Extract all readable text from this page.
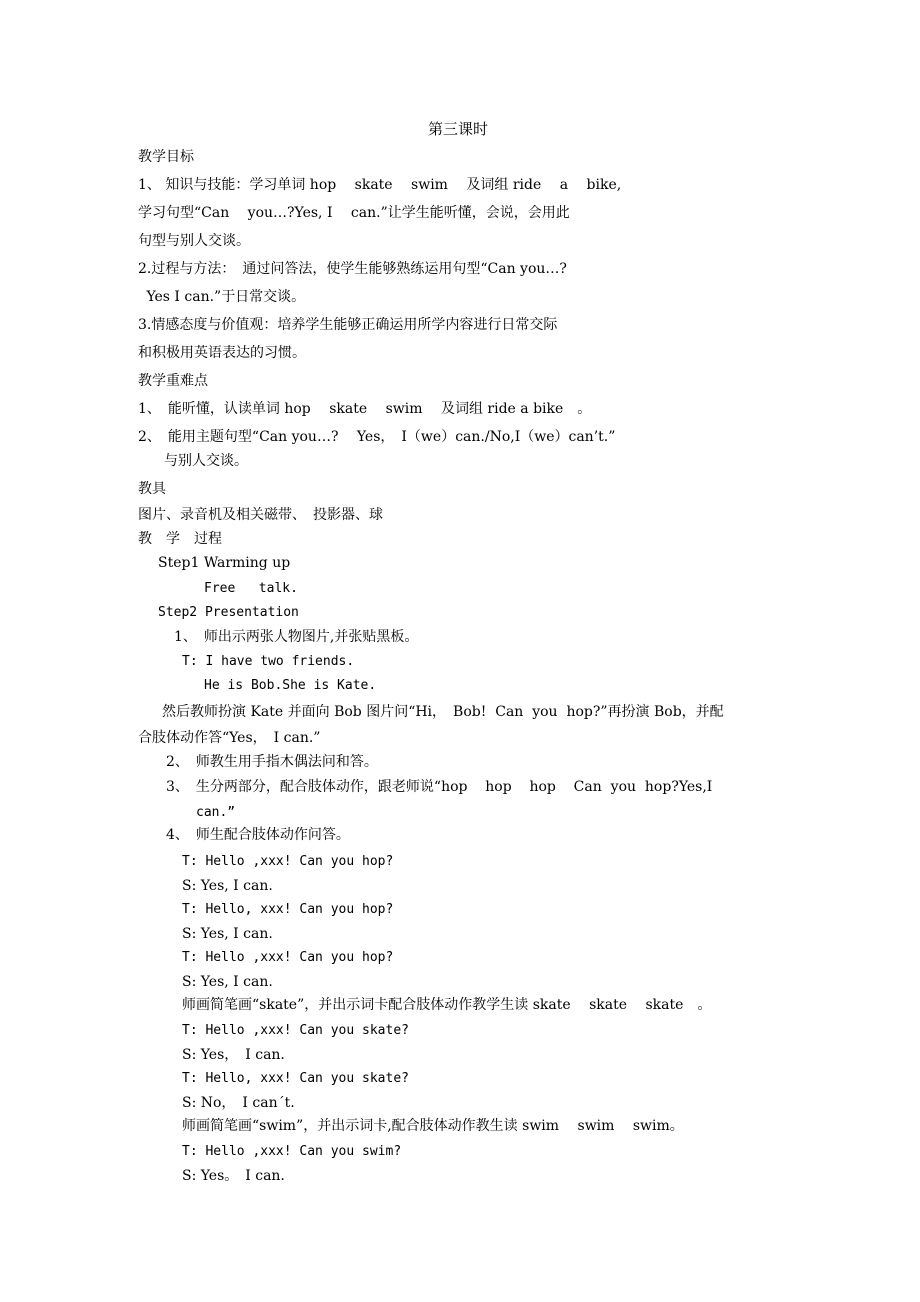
第三课时
教学目标
1、 知识与技能：学习单词 hop　 skate　 swim　 及词组 ride　 a　 bike,
学习句型“Can　 you…?Yes, I　 can.”让学生能听懂，会说，会用此
句型与别人交谈。
2.过程与方法：　通过问答法，使学生能够熟练运用句型“Can you…?
Yes I can.”于日常交谈。
3.情感态度与价值观：培养学生能够正确运用所学内容进行日常交际
和积极用英语表达的习惯。
教学重难点
1、　能听懂，认读单词 hop　 skate　 swim　 及词组 ride a bike　。
2、　能用主题句型“Can you…?　 Yes，　I（we）can./No,I（we）can’t.”
与别人交谈。
教具
图片、录音机及相关磁带、　投影器、球
教　学　过程
Step1 Warming up
Free   talk.
Step2 Presentation
1、　师出示两张人物图片,并张贴黑板。
T: I have two friends.
He is Bob.She is Kate.
然后教师扮演 Kate 并面向 Bob 图片问“Hi，　Bob!  Can  you  hop?”再扮演 Bob，并配
合肢体动作答“Yes，　I can.”
2、　师教生用手指木偶法问和答。
3、　生分两部分，配合肢体动作，跟老师说“hop    hop    hop    Can  you  hop?Yes,I
can.”
4、　师生配合肢体动作问答。
T: Hello ,xxx! Can you hop?
S: Yes, I can.
T: Hello, xxx! Can you hop?
S: Yes, I can.
T: Hello ,xxx! Can you hop?
S: Yes, I can.
师画简笔画“skate”，并出示词卡配合肢体动作教学生读 skate　 skate　 skate　。
T: Hello ,xxx! Can you skate?
S: Yes，　I can.
T: Hello, xxx! Can you skate?
S: No，　I can´t.
师画简笔画“swim”，并出示词卡,配合肢体动作教生读 swim　 swim　 swim。
T: Hello ,xxx! Can you swim?
S: Yes。　I can.
